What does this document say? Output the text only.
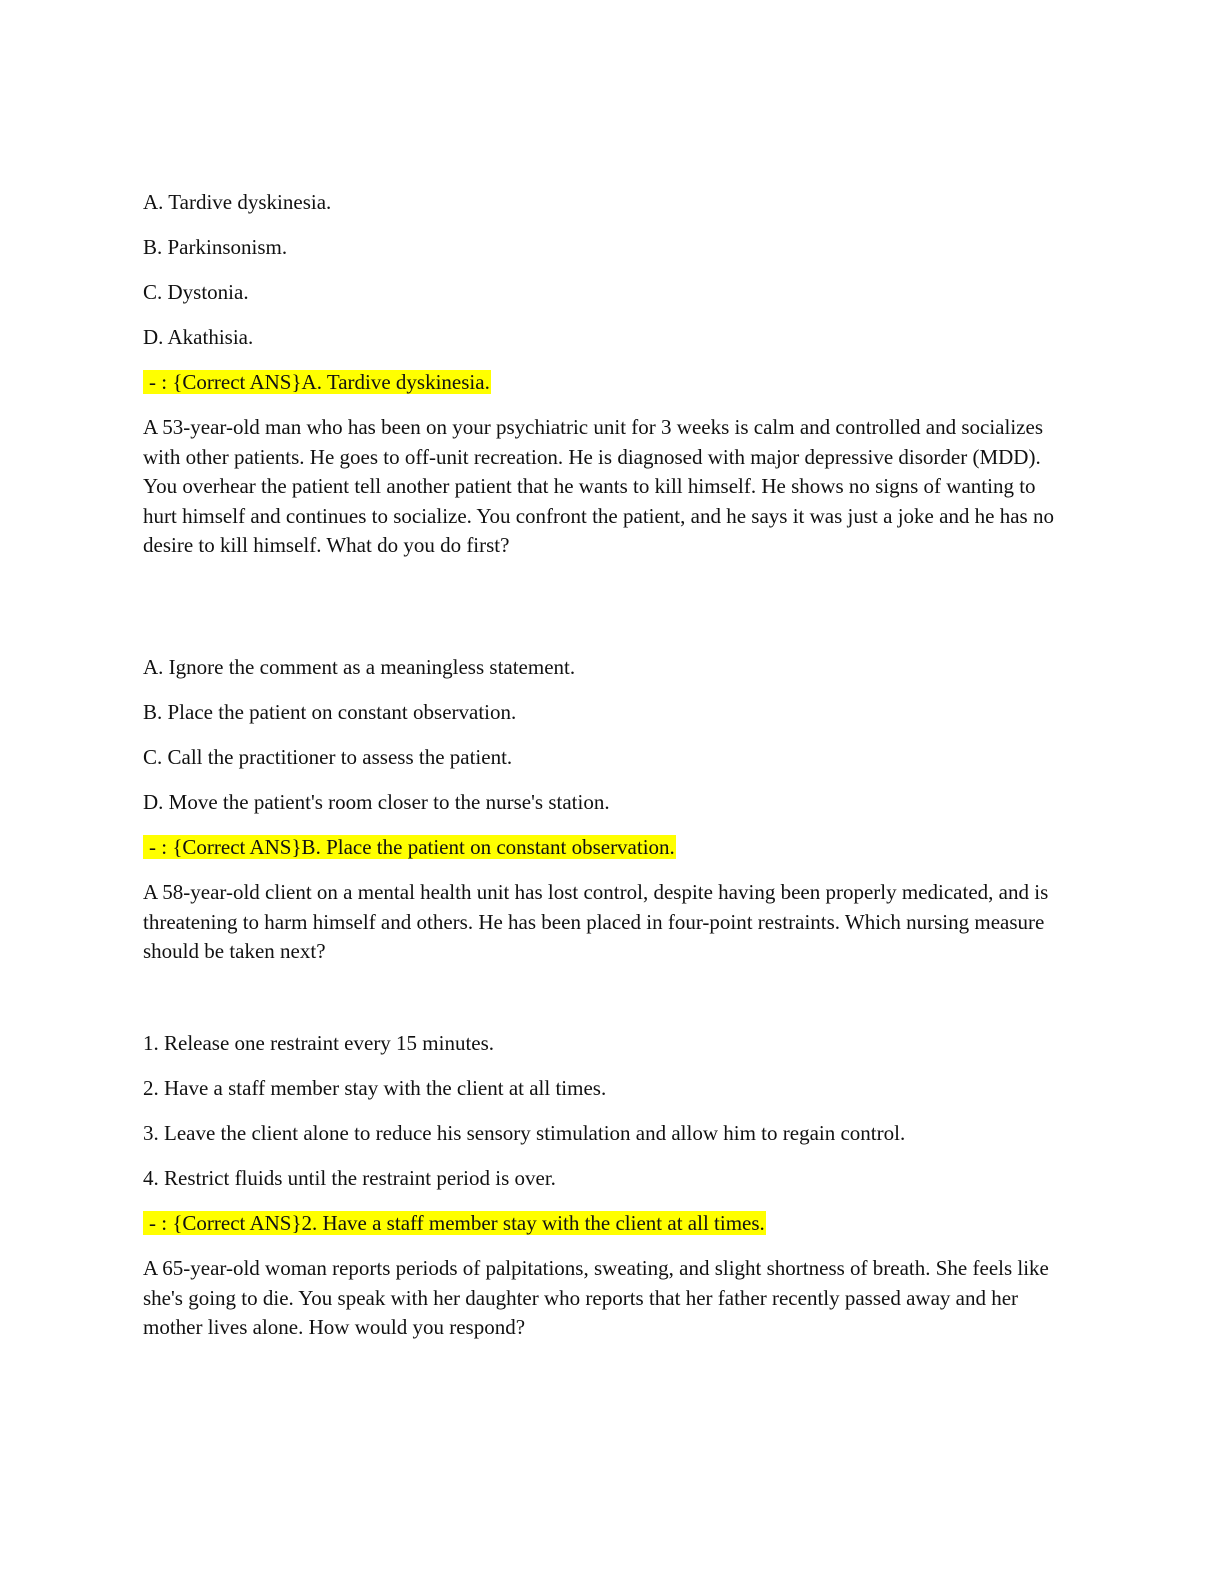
A. Tardive dyskinesia.

B. Parkinsonism.

C. Dystonia.

D. Akathisia.

- : {Correct ANS}A. Tardive dyskinesia.

A 53-year-old man who has been on your psychiatric unit for 3 weeks is calm and controlled and socializes with other patients. He goes to off-unit recreation. He is diagnosed with major depressive disorder (MDD). You overhear the patient tell another patient that he wants to kill himself. He shows no signs of wanting to hurt himself and continues to socialize. You confront the patient, and he says it was just a joke and he has no desire to kill himself. What do you do first?

A. Ignore the comment as a meaningless statement.

B. Place the patient on constant observation.

C. Call the practitioner to assess the patient.

D. Move the patient's room closer to the nurse's station.

- : {Correct ANS}B. Place the patient on constant observation.

A 58-year-old client on a mental health unit has lost control, despite having been properly medicated, and is threatening to harm himself and others. He has been placed in four-point restraints. Which nursing measure should be taken next?

1. Release one restraint every 15 minutes.

2. Have a staff member stay with the client at all times.

3. Leave the client alone to reduce his sensory stimulation and allow him to regain control.

4. Restrict fluids until the restraint period is over.

- : {Correct ANS}2. Have a staff member stay with the client at all times.

A 65-year-old woman reports periods of palpitations, sweating, and slight shortness of breath. She feels like she's going to die. You speak with her daughter who reports that her father recently passed away and her mother lives alone. How would you respond?
